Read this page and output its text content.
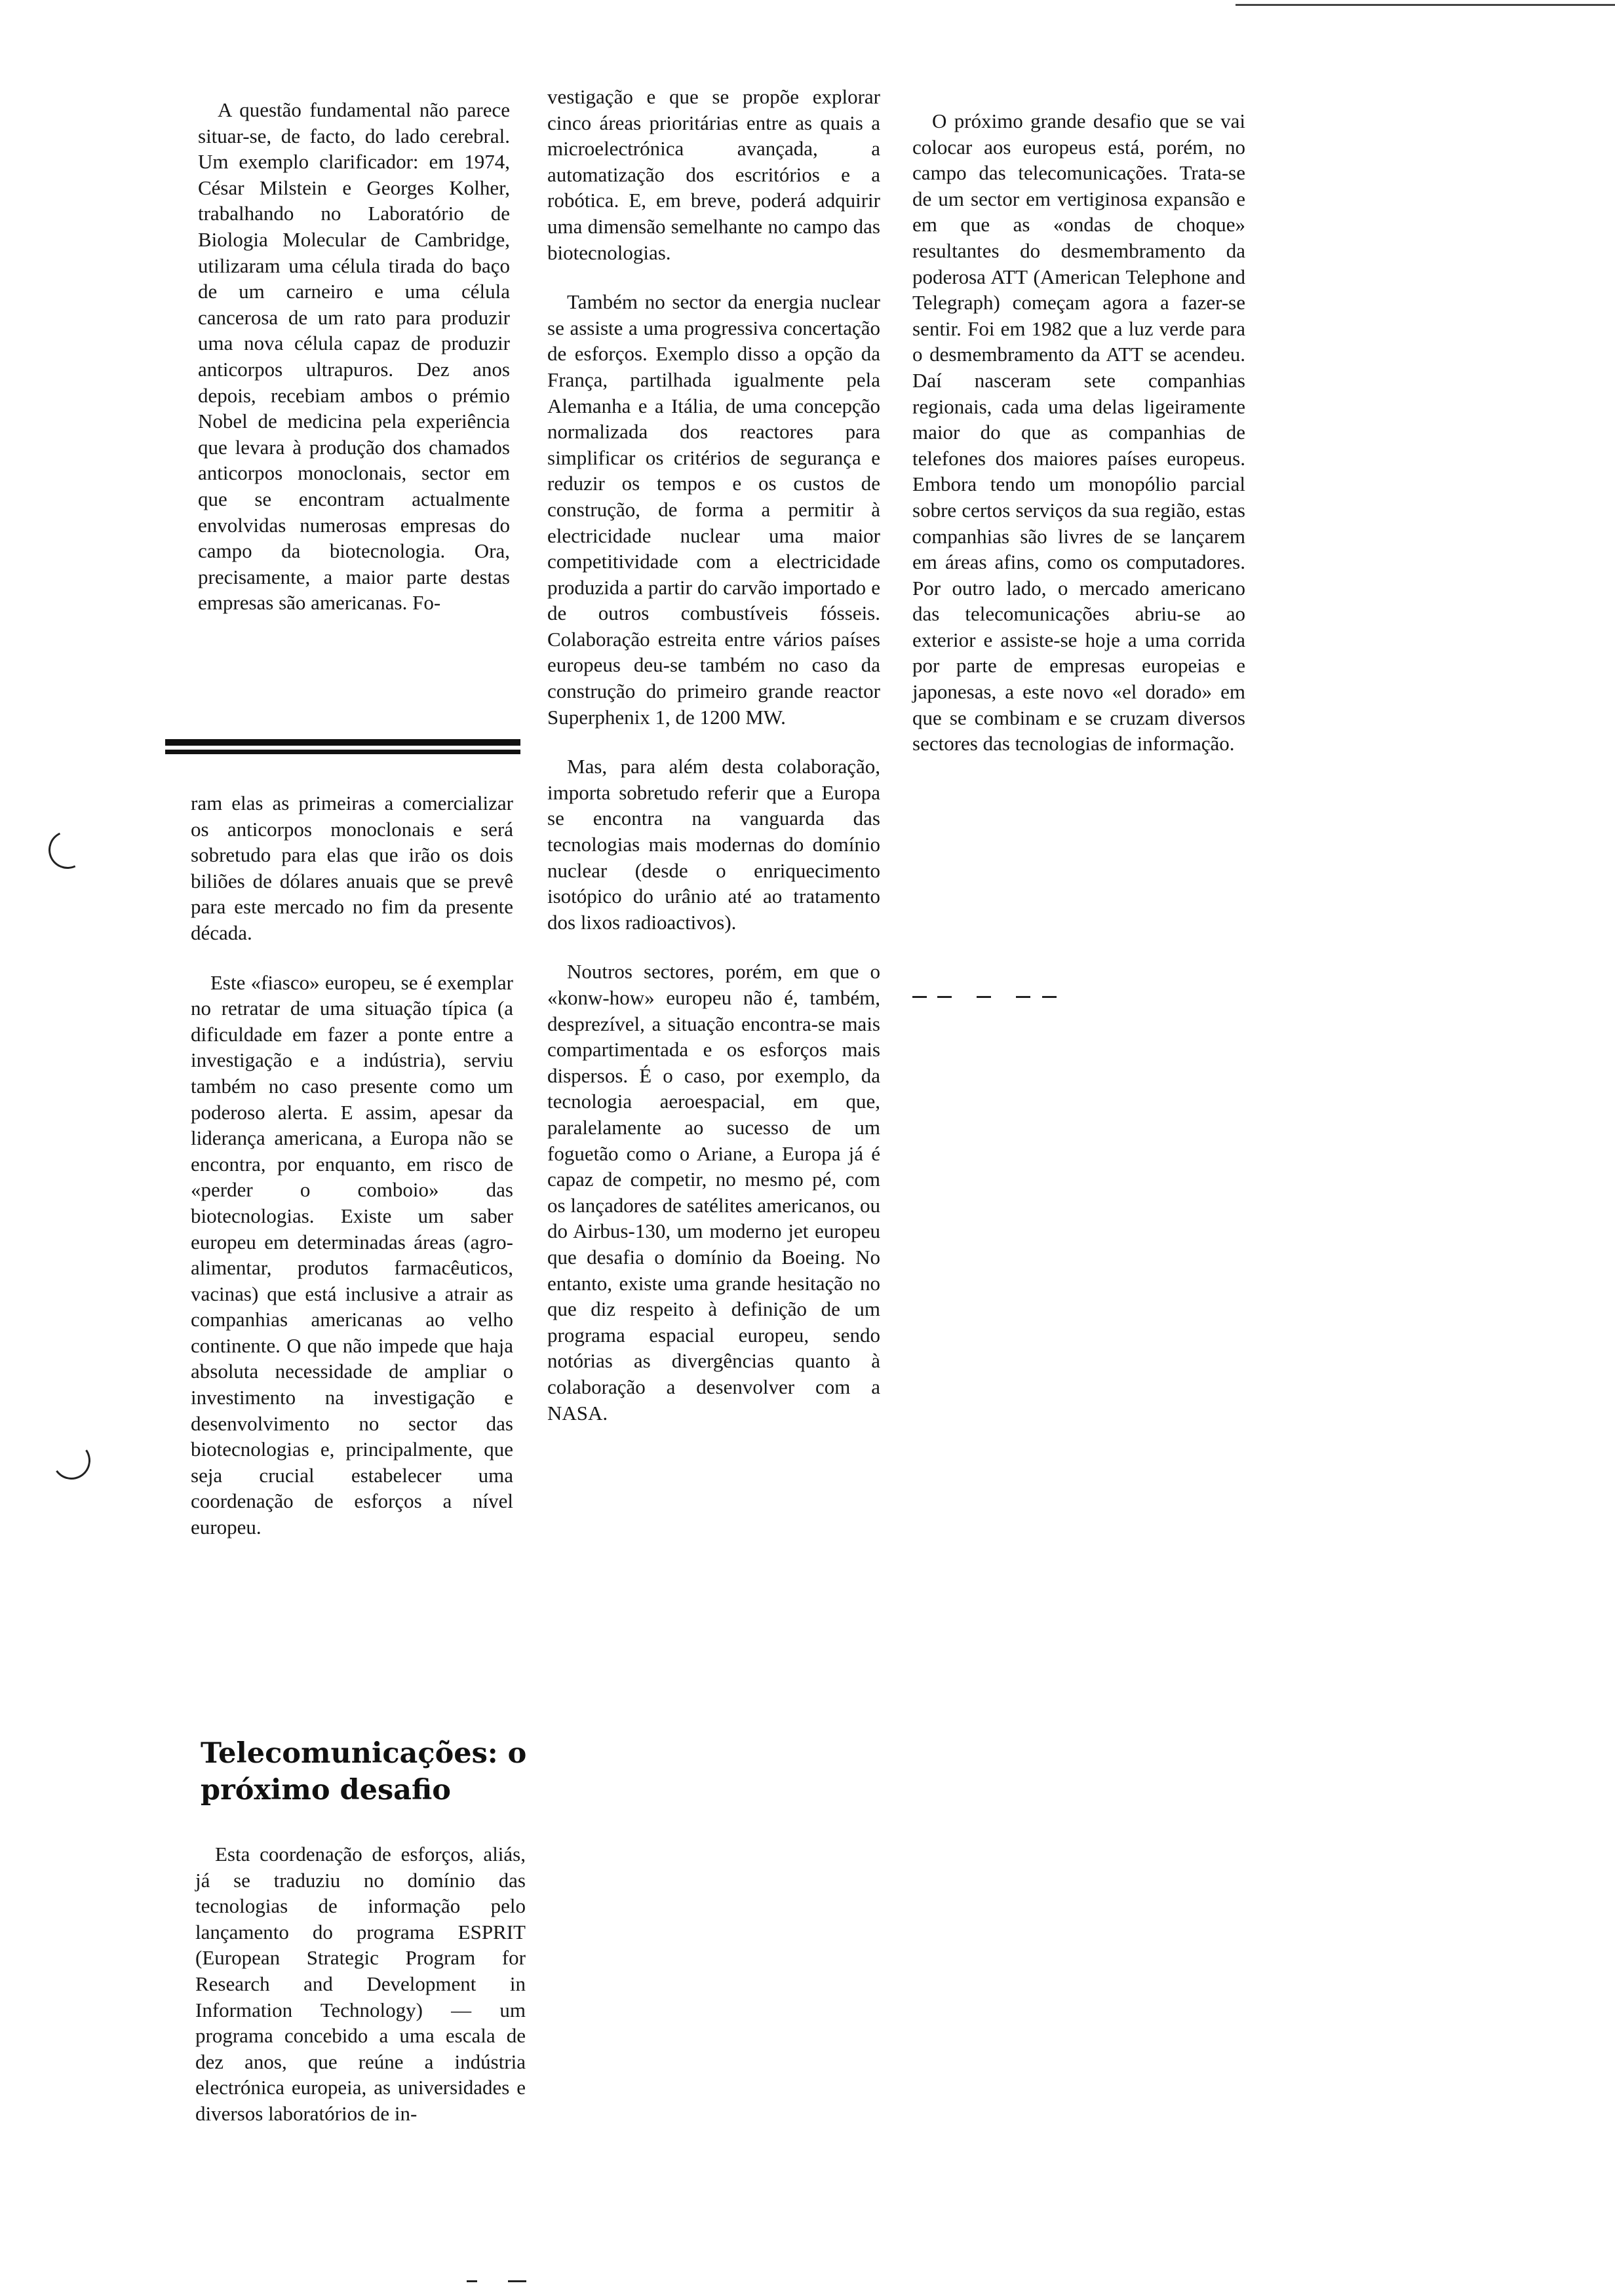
A questão fundamental não parece situar-se, de facto, do lado cerebral. Um exemplo clarificador: em 1974, César Milstein e Georges Kolher, trabalhando no Laboratório de Biologia Molecular de Cambridge, utilizaram uma célula tirada do baço de um carneiro e uma célula cancerosa de um rato para produzir uma nova célula capaz de produzir anticorpos ultrapuros. Dez anos depois, recebiam ambos o prémio Nobel de medicina pela experiência que levara à produção dos chamados anticorpos monoclonais, sector em que se encontram actualmente envolvidas numerosas empresas do campo da biotecnologia. Ora, precisamente, a maior parte destas empresas são americanas. Fo-

ram elas as primeiras a comercializar os anticorpos monoclonais e será sobretudo para elas que irão os dois biliões de dólares anuais que se prevê para este mercado no fim da presente década.

Este «fiasco» europeu, se é exemplar no retratar de uma situação típica (a dificuldade em fazer a ponte entre a investigação e a indústria), serviu também no caso presente como um poderoso alerta. E assim, apesar da liderança americana, a Europa não se encontra, por enquanto, em risco de «perder o comboio» das biotecnologias. Existe um saber europeu em determinadas áreas (agro-alimentar, produtos farmacêuticos, vacinas) que está inclusive a atrair as companhias americanas ao velho continente. O que não impede que haja absoluta necessidade de ampliar o investimento na investigação e desenvolvimento no sector das biotecnologias e, principalmente, que seja crucial estabelecer uma coordenação de esforços a nível europeu.

Telecomunicações: o próximo desafio

Esta coordenação de esforços, aliás, já se traduziu no domínio das tecnologias de informação pelo lançamento do programa ESPRIT (European Strategic Program for Research and Development in Information Technology) — um programa concebido a uma escala de dez anos, que reúne a indústria electrónica europeia, as universidades e diversos laboratórios de in-

vestigação e que se propõe explorar cinco áreas prioritárias entre as quais a microelectrónica avançada, a automatização dos escritórios e a robótica. E, em breve, poderá adquirir uma dimensão semelhante no campo das biotecnologias.

Também no sector da energia nuclear se assiste a uma progressiva concertação de esforços. Exemplo disso a opção da França, partilhada igualmente pela Alemanha e a Itália, de uma concepção normalizada dos reactores para simplificar os critérios de segurança e reduzir os tempos e os custos de construção, de forma a permitir à electricidade nuclear uma maior competitividade com a electricidade produzida a partir do carvão importado e de outros combustíveis fósseis. Colaboração estreita entre vários países europeus deu-se também no caso da construção do primeiro grande reactor Superphenix 1, de 1200 MW.

Mas, para além desta colaboração, importa sobretudo referir que a Europa se encontra na vanguarda das tecnologias mais modernas do domínio nuclear (desde o enriquecimento isotópico do urânio até ao tratamento dos lixos radioactivos).

Noutros sectores, porém, em que o «konw-how» europeu não é, também, desprezível, a situação encontra-se mais compartimentada e os esforços mais dispersos. É o caso, por exemplo, da tecnologia aeroespacial, em que, paralelamente ao sucesso de um foguetão como o Ariane, a Europa já é capaz de competir, no mesmo pé, com os lançadores de satélites americanos, ou do Airbus-130, um moderno jet europeu que desafia o domínio da Boeing. No entanto, existe uma grande hesitação no que diz respeito à definição de um programa espacial europeu, sendo notórias as divergências quanto à colaboração a desenvolver com a NASA.

O próximo grande desafio que se vai colocar aos europeus está, porém, no campo das telecomunicações. Trata-se de um sector em vertiginosa expansão e em que as «ondas de choque» resultantes do desmembramento da poderosa ATT (American Telephone and Telegraph) começam agora a fazer-se sentir. Foi em 1982 que a luz verde para o desmembramento da ATT se acendeu. Daí nasceram sete companhias regionais, cada uma delas ligeiramente maior do que as companhias de telefones dos maiores países europeus. Embora tendo um monopólio parcial sobre certos serviços da sua região, estas companhias são livres de se lançarem em áreas afins, como os computadores. Por outro lado, o mercado americano das telecomunicações abriu-se ao exterior e assiste-se hoje a uma corrida por parte de empresas europeias e japonesas, a este novo «el dorado» em que se combinam e se cruzam diversos sectores das tecnologias de informação.
